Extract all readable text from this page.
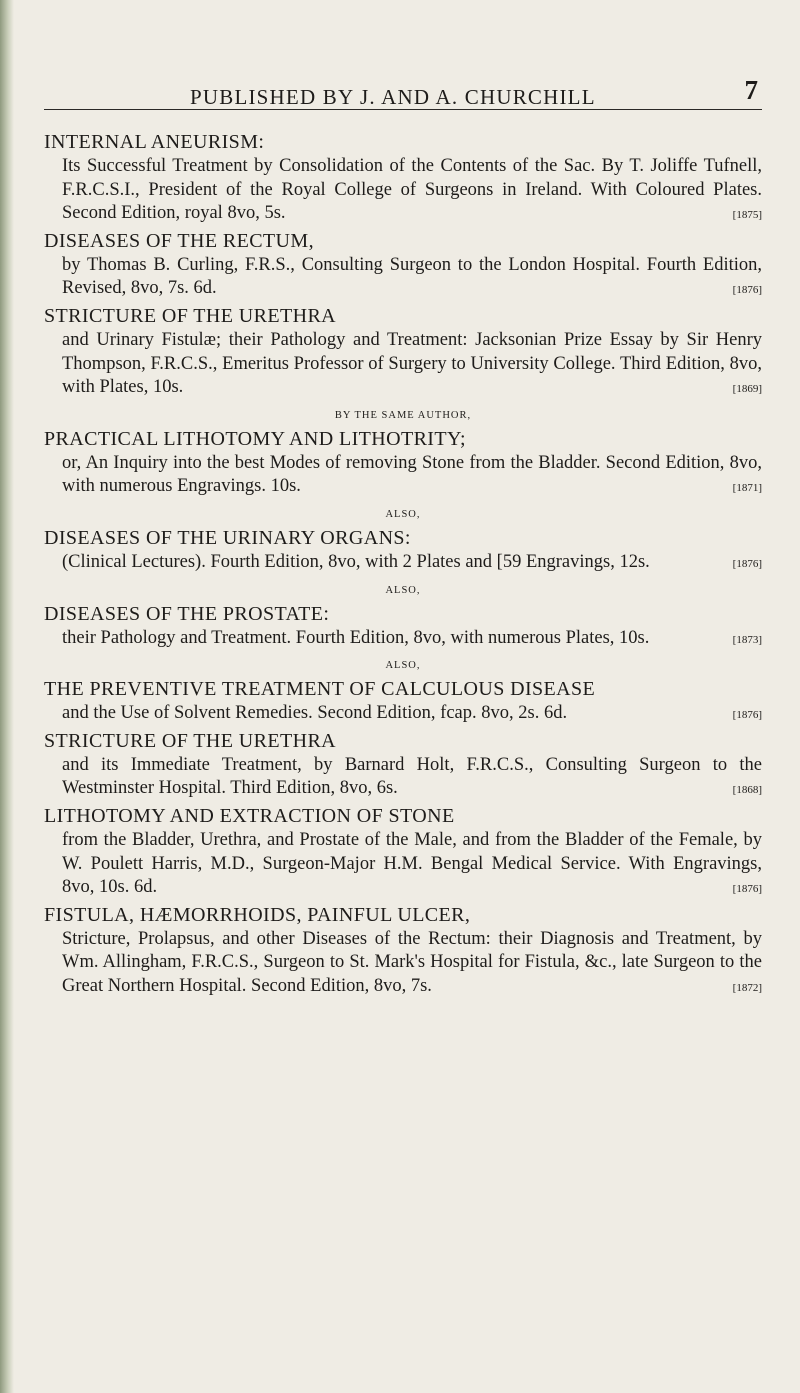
PUBLISHED BY J. AND A. CHURCHILL	7
INTERNAL ANEURISM:
Its Successful Treatment by Consolidation of the Contents of the Sac. By T. Joliffe Tufnell, F.R.C.S.I., President of the Royal College of Surgeons in Ireland. With Coloured Plates. Second Edition, royal 8vo, 5s.	[1875]
DISEASES OF THE RECTUM,
by Thomas B. Curling, F.R.S., Consulting Surgeon to the London Hospital. Fourth Edition, Revised, 8vo, 7s. 6d.	[1876]
STRICTURE OF THE URETHRA
and Urinary Fistulæ; their Pathology and Treatment: Jacksonian Prize Essay by Sir Henry Thompson, F.R.C.S., Emeritus Professor of Surgery to University College. Third Edition, 8vo, with Plates, 10s.	[1869]
BY THE SAME AUTHOR,
PRACTICAL LITHOTOMY AND LITHOTRITY;
or, An Inquiry into the best Modes of removing Stone from the Bladder. Second Edition, 8vo, with numerous Engravings. 10s.	[1871]
ALSO,
DISEASES OF THE URINARY ORGANS:
(Clinical Lectures). Fourth Edition, 8vo, with 2 Plates and [59 Engravings, 12s.	[1876]
ALSO,
DISEASES OF THE PROSTATE:
their Pathology and Treatment. Fourth Edition, 8vo, with numerous Plates, 10s.	[1873]
ALSO,
THE PREVENTIVE TREATMENT OF CALCULOUS DISEASE
and the Use of Solvent Remedies. Second Edition, fcap. 8vo, 2s. 6d.	[1876]
STRICTURE OF THE URETHRA
and its Immediate Treatment, by Barnard Holt, F.R.C.S., Consulting Surgeon to the Westminster Hospital. Third Edition, 8vo, 6s.	[1868]
LITHOTOMY AND EXTRACTION OF STONE
from the Bladder, Urethra, and Prostate of the Male, and from the Bladder of the Female, by W. Poulett Harris, M.D., Surgeon-Major H.M. Bengal Medical Service. With Engravings, 8vo, 10s. 6d.	[1876]
FISTULA, HÆMORRHOIDS, PAINFUL ULCER,
Stricture, Prolapsus, and other Diseases of the Rectum: their Diagnosis and Treatment, by Wm. Allingham, F.R.C.S., Surgeon to St. Mark's Hospital for Fistula, &c., late Surgeon to the Great Northern Hospital. Second Edition, 8vo, 7s.	[1872]
